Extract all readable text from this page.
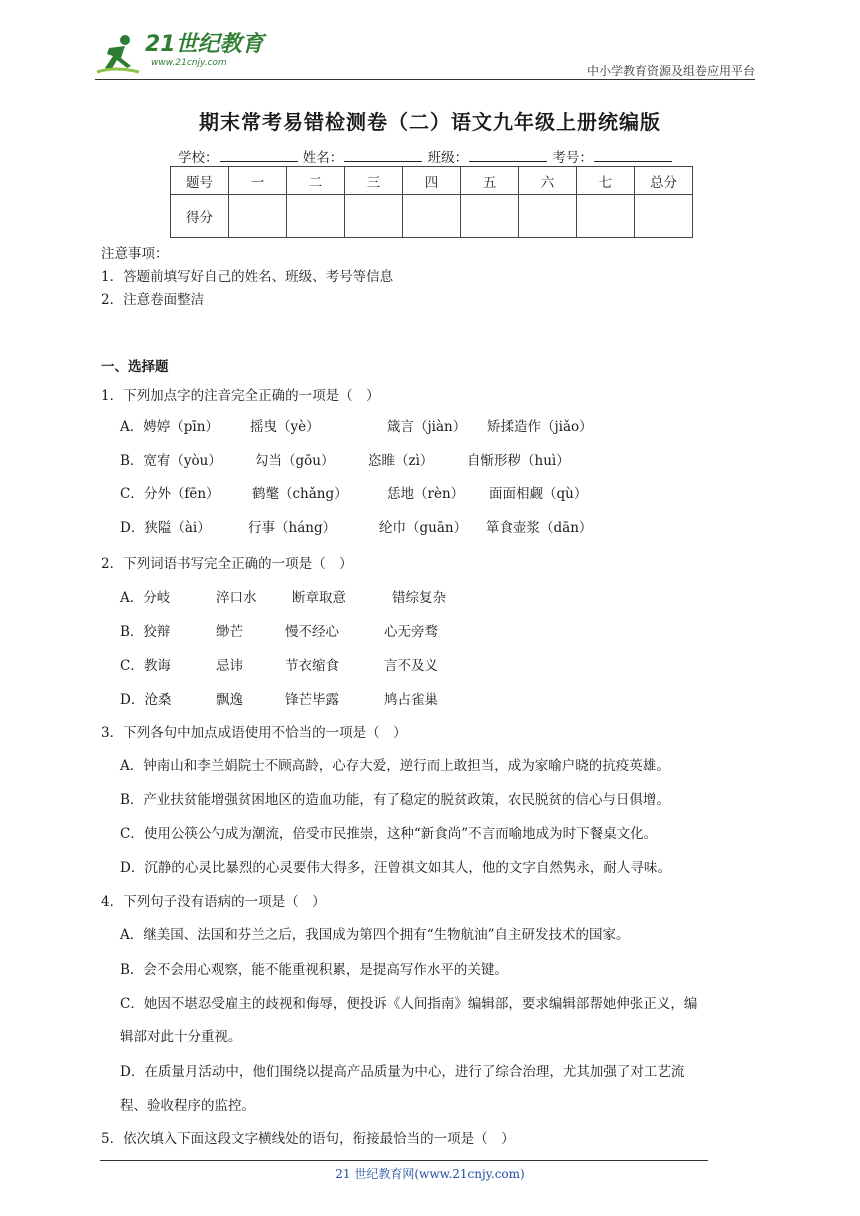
21世纪教育
www.21cnjy.com
中小学教育资源及组卷应用平台
期末常考易错检测卷（二）语文九年级上册统编版
学校：	姓名：	班级：	考号：
题号	一	二	三	四	五	六	七	总分
得分								
注意事项：
1．答题前填写好自己的姓名、班级、考号等信息
2．注意卷面整洁
一、选择题
1．下列加点字的注音完全正确的一项是（　）
A．娉婷（pīn） 摇曳（yè）	箴言（jiàn） 矫揉造作（jiǎo）
B．宽宥（yòu） 勾当（gōu） 恣睢（zì） 自惭形秽（huì）
C．分外（fēn） 鹤氅（chǎng）	恁地（rèn） 面面相觑（qù）
D．狭隘（ài）	行事（háng）	纶巾（guān） 箪食壶浆（dān）
2．下列词语书写完全正确的一项是（　）
A．分岐	淬口水	断章取意	错综复杂
B．狡辩	缈芒	慢不经心	心无旁骛
C．教诲	忌讳	节衣缩食	言不及义
D．沧桑	飘逸	锋芒毕露	鸠占雀巢
3．下列各句中加点成语使用不恰当的一项是（　）
A．钟南山和李兰娟院士不顾高龄，心存大爱，逆行而上敢担当，成为家喻户晓的抗疫英雄。
B．产业扶贫能增强贫困地区的造血功能，有了稳定的脱贫政策，农民脱贫的信心与日俱增。
C．使用公筷公勺成为潮流，倍受市民推崇，这种“新食尚”不言而喻地成为时下餐桌文化。
D．沉静的心灵比暴烈的心灵要伟大得多，汪曾祺文如其人，他的文字自然隽永，耐人寻味。
4．下列句子没有语病的一项是（　）
A．继美国、法国和芬兰之后，我国成为第四个拥有“生物航油”自主研发技术的国家。
B．会不会用心观察，能不能重视积累，是提高写作水平的关键。
C．她因不堪忍受雇主的歧视和侮辱，便投诉《人间指南》编辑部，要求编辑部帮她伸张正义，编
辑部对此十分重视。
D．在质量月活动中，他们围绕以提高产品质量为中心，进行了综合治理，尤其加强了对工艺流
程、验收程序的监控。
5．依次填入下面这段文字横线处的语句，衔接最恰当的一项是（　）
21 世纪教育网(www.21cnjy.com)
